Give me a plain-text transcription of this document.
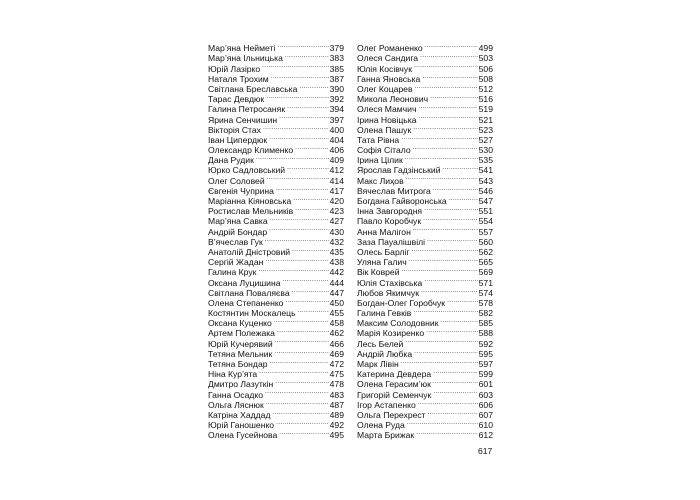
Мар’яна Нейметі .....	379
Мар’яна Ільницька .....	383
Юрій Лазірко .....	385
Наталя Трохим .....	387
Світлана Бреславська .....	390
Тарас Девдюк .....	392
Галина Петросаняк .....	394
Ярина Сенчишин .....	397
Вікторія Стах .....	400
Іван Ципердюк .....	404
Олександр Клименко .....	406
Дана Рудик .....	409
Юрко Садловський .....	412
Олег Соловей .....	414
Євгенія Чуприна .....	417
Маріанна Кіяновська .....	420
Ростислав Мельників .....	423
Мар’яна Савка .....	427
Андрій Бондар .....	430
В’ячеслав Гук .....	432
Анатолій Дністровий .....	435
Сергій Жадан .....	438
Галина Крук .....	442
Оксана Луцишина .....	444
Світлана Поваляєва .....	447
Олена Степаненко .....	450
Костянтин Москалець .....	455
Оксана Куценко .....	458
Артем Полежака .....	462
Юрій Кучерявий .....	466
Тетяна Мельник .....	469
Тетяна Бондар .....	472
Ніна Кур’ята .....	475
Дмитро Лазуткін .....	478
Ганна Осадко .....	483
Ольга Ляснюк .....	487
Катріна Хаддад .....	489
Юрій Ганошенко .....	492
Олена Гусейнова .....	495
Олег Романенко .....	499
Олеся Сандига .....	503
Юлія Косівчук .....	506
Ганна Яновська .....	508
Олег Коцарев .....	512
Микола Леонович .....	516
Олеся Мамчич .....	519
Ірина Новіцька .....	521
Олена Пашук .....	523
Тата Рівна .....	527
Софія Сітало .....	530
Ірина Цілик .....	535
Ярослав Гадзінський .....	541
Макс Лиҳов .....	543
Вячеслав Митрога .....	546
Богдана Гайворонська .....	547
Інна Завгородня .....	551
Павло Коробчук .....	554
Анна Малігон .....	557
Заза Пауалішвілі .....	560
Олесь Барліг .....	562
Уляна Галич .....	565
Вік Коврей .....	569
Юлія Стахівська .....	571
Любов Якимчук .....	574
Богдан-Олег Горобчук .....	578
Галина Гевків .....	582
Максим Солодовник .....	585
Марія Козиренко .....	588
Лесь Белей .....	592
Андрій Любка .....	595
Марк Лівін .....	597
Катерина Девдера .....	599
Олена Герасим’юк .....	601
Григорій Семенчук .....	603
Ігор Астапенко .....	606
Ольга Перехрест .....	607
Олена Руда .....	610
Марта Брижак .....	612
617
